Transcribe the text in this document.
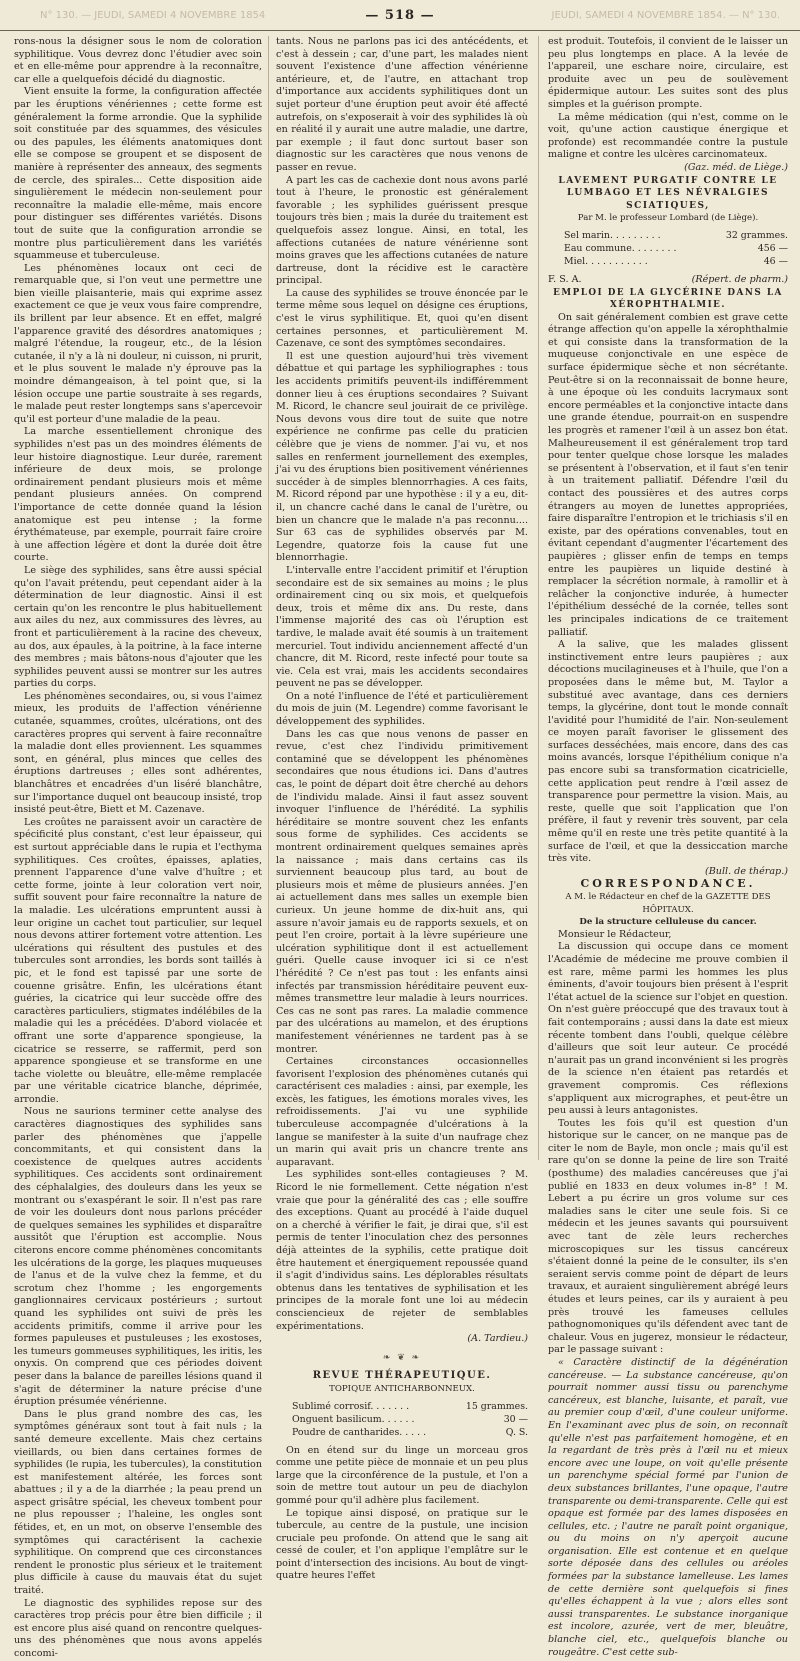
N° 130. — JEUDI, SAMEDI 4 NOVEMBRE 1854	— 518 —	JEUDI, SAMEDI 4 NOVEMBRE 1854. — N° 130.

rons-nous la désigner sous le nom de coloration syphilitique. Vous devrez donc l'étudier avec soin et en elle-même pour apprendre à la reconnaître, car elle a quelquefois décidé du diagnostic.

Vient ensuite la forme, la configuration affectée par les éruptions vénériennes ; cette forme est généralement la forme arrondie. Que la syphilide soit constituée par des squammes, des vésicules ou des papules, les éléments anatomiques dont elle se compose se groupent et se disposent de manière à représenter des anneaux, des segments de cercle, des spirales... Cette disposition aide singulièrement le médecin non-seulement pour reconnaître la maladie elle-même, mais encore pour distinguer ses différentes variétés. Disons tout de suite que la configuration arrondie se montre plus particulièrement dans les variétés squammeuse et tuberculeuse.

Les phénomènes locaux ont ceci de remarquable que, si l'on veut une permettre une bien vieille plaisanterie, mais qui exprime assez exactement ce que je veux vous faire comprendre, ils brillent par leur absence. Et en effet, malgré l'apparence gravité des désordres anatomiques ; malgré l'étendue, la rougeur, etc., de la lésion cutanée, il n'y a là ni douleur, ni cuisson, ni prurit, et le plus souvent le malade n'y éprouve pas la moindre démangeaison, à tel point que, si la lésion occupe une partie soustraite à ses regards, le malade peut rester longtemps sans s'apercevoir qu'il est porteur d'une maladie de la peau.

La marche essentiellement chronique des syphilides n'est pas un des moindres éléments de leur histoire diagnostique. Leur durée, rarement inférieure de deux mois, se prolonge ordinairement pendant plusieurs mois et même pendant plusieurs années. On comprend l'importance de cette donnée quand la lésion anatomique est peu intense ; la forme érythémateuse, par exemple, pourrait faire croire à une affection légère et dont la durée doit être courte.

Le siège des syphilides, sans être aussi spécial qu'on l'avait prétendu, peut cependant aider à la détermination de leur diagnostic. Ainsi il est certain qu'on les rencontre le plus habituellement aux ailes du nez, aux commissures des lèvres, au front et particulièrement à la racine des cheveux, au dos, aux épaules, à la poitrine, à la face interne des membres ; mais bâtons-nous d'ajouter que les syphilides peuvent aussi se montrer sur les autres parties du corps.

Les phénomènes secondaires, ou, si vous l'aimez mieux, les produits de l'affection vénérienne cutanée, squammes, croûtes, ulcérations, ont des caractères propres qui servent à faire reconnaître la maladie dont elles proviennent. Les squammes sont, en général, plus minces que celles des éruptions dartreuses ; elles sont adhérentes, blanchâtres et encadrées d'un liséré blanchâtre, sur l'importance duquel ont beaucoup insisté, trop insisté peut-être, Biett et M. Cazenave.

Les croûtes ne paraissent avoir un caractère de spécificité plus constant, c'est leur épaisseur, qui est surtout appréciable dans le rupia et l'ecthyma syphilitiques. Ces croûtes, épaisses, aplaties, prennent l'apparence d'une valve d'huître ; et cette forme, jointe à leur coloration vert noir, suffit souvent pour faire reconnaître la nature de la maladie. Les ulcérations empruntent aussi à leur origine un cachet tout particulier, sur lequel nous devons attirer fortement votre attention. Les ulcérations qui résultent des pustules et des tubercules sont arrondies, les bords sont taillés à pic, et le fond est tapissé par une sorte de couenne grisâtre. Enfin, les ulcérations étant guéries, la cicatrice qui leur succède offre des caractères particuliers, stigmates indélébiles de la maladie qui les a précédées. D'abord violacée et offrant une sorte d'apparence spongieuse, la cicatrice se resserre, se raffermit, perd son apparence spongieuse et se transforme en une tache violette ou bleuâtre, elle-même remplacée par une véritable cicatrice blanche, déprimée, arrondie.

Nous ne saurions terminer cette analyse des caractères diagnostiques des syphilides sans parler des phénomènes que j'appelle concommitants, et qui consistent dans la coexistence de quelques autres accidents syphilitiques. Ces accidents sont ordinairement des céphalalgies, des douleurs dans les yeux se montrant ou s'exaspérant le soir. Il n'est pas rare de voir les douleurs dont nous parlons précéder de quelques semaines les syphilides et disparaître aussitôt que l'éruption est accomplie. Nous citerons encore comme phénomènes concomitants les ulcérations de la gorge, les plaques muqueuses de l'anus et de la vulve chez la femme, et du scrotum chez l'homme ; les engorgements ganglionnaires cervicaux postérieurs ; surtout quand les syphilides ont suivi de près les accidents primitifs, comme il arrive pour les formes papuleuses et pustuleuses ; les exostoses, les tumeurs gommeuses syphilitiques, les iritis, les onyxis. On comprend que ces périodes doivent peser dans la balance de pareilles lésions quand il s'agit de déterminer la nature précise d'une éruption présumée vénérienne.

Dans le plus grand nombre des cas, les symptômes généraux sont tout à fait nuls ; la santé demeure excellente. Mais chez certains vieillards, ou bien dans certaines formes de syphilides (le rupia, les tubercules), la constitution est manifestement altérée, les forces sont abattues ; il y a de la diarrhée ; la peau prend un aspect grisâtre spécial, les cheveux tombent pour ne plus repousser ; l'haleine, les ongles sont fétides, et, en un mot, on observe l'ensemble des symptômes qui caractérisent la cachexie syphilitique. On comprend que ces circonstances rendent le pronostic plus sérieux et le traitement plus difficile à cause du mauvais état du sujet traité.

Le diagnostic des syphilides repose sur des caractères trop précis pour être bien difficile ; il est encore plus aisé quand on rencontre quelques-uns des phénomènes que nous avons appelés concomi-

tants. Nous ne parlons pas ici des antécédents, et c'est à dessein ; car, d'une part, les malades nient souvent l'existence d'une affection vénérienne antérieure, et, de l'autre, en attachant trop d'importance aux accidents syphilitiques dont un sujet porteur d'une éruption peut avoir été affecté autrefois, on s'exposerait à voir des syphilides là où en réalité il y aurait une autre maladie, une dartre, par exemple ; il faut donc surtout baser son diagnostic sur les caractères que nous venons de passer en revue.

A part les cas de cachexie dont nous avons parlé tout à l'heure, le pronostic est généralement favorable ; les syphilides guérissent presque toujours très bien ; mais la durée du traitement est quelquefois assez longue. Ainsi, en total, les affections cutanées de nature vénérienne sont moins graves que les affections cutanées de nature dartreuse, dont la récidive est le caractère principal.

La cause des syphilides se trouve énoncée par le terme même sous lequel on désigne ces éruptions, c'est le virus syphilitique. Et, quoi qu'en disent certaines personnes, et particulièrement M. Cazenave, ce sont des symptômes secondaires.

Il est une question aujourd'hui très vivement débattue et qui partage les syphiliographes : tous les accidents primitifs peuvent-ils indifféremment donner lieu à ces éruptions secondaires ? Suivant M. Ricord, le chancre seul jouirait de ce privilège. Nous devons vous dire tout de suite que notre expérience ne confirme pas celle du praticien célèbre que je viens de nommer. J'ai vu, et nos salles en renferment journellement des exemples, j'ai vu des éruptions bien positivement vénériennes succéder à de simples blennorrhagies. A ces faits, M. Ricord répond par une hypothèse : il y a eu, dit-il, un chancre caché dans le canal de l'urètre, ou bien un chancre que le malade n'a pas reconnu.... Sur 63 cas de syphilides observés par M. Legendre, quatorze fois la cause fut une blennorrhagie.

L'intervalle entre l'accident primitif et l'éruption secondaire est de six semaines au moins ; le plus ordinairement cinq ou six mois, et quelquefois deux, trois et même dix ans. Du reste, dans l'immense majorité des cas où l'éruption est tardive, le malade avait été soumis à un traitement mercuriel. Tout individu anciennement affecté d'un chancre, dit M. Ricord, reste infecté pour toute sa vie. Cela est vrai, mais les accidents secondaires peuvent ne pas se développer.

On a noté l'influence de l'été et particulièrement du mois de juin (M. Legendre) comme favorisant le développement des syphilides.

Dans les cas que nous venons de passer en revue, c'est chez l'individu primitivement contaminé que se développent les phénomènes secondaires que nous étudions ici. Dans d'autres cas, le point de départ doit être cherché au dehors de l'individu malade. Ainsi il faut assez souvent invoquer l'influence de l'hérédité. La syphilis héréditaire se montre souvent chez les enfants sous forme de syphilides. Ces accidents se montrent ordinairement quelques semaines après la naissance ; mais dans certains cas ils surviennent beaucoup plus tard, au bout de plusieurs mois et même de plusieurs années. J'en ai actuellement dans mes salles un exemple bien curieux. Un jeune homme de dix-huit ans, qui assure n'avoir jamais eu de rapports sexuels, et on peut l'en croire, portait à la lèvre supérieure une ulcération syphilitique dont il est actuellement guéri. Quelle cause invoquer ici si ce n'est l'hérédité ? Ce n'est pas tout : les enfants ainsi infectés par transmission héréditaire peuvent eux-mêmes transmettre leur maladie à leurs nourrices. Ces cas ne sont pas rares. La maladie commence par des ulcérations au mamelon, et des éruptions manifestement vénériennes ne tardent pas à se montrer.

Certaines circonstances occasionnelles favorisent l'explosion des phénomènes cutanés qui caractérisent ces maladies : ainsi, par exemple, les excès, les fatigues, les émotions morales vives, les refroidissements. J'ai vu une syphilide tuberculeuse accompagnée d'ulcérations à la langue se manifester à la suite d'un naufrage chez un marin qui avait pris un chancre trente ans auparavant.

Les syphilides sont-elles contagieuses ? M. Ricord le nie formellement. Cette négation n'est vraie que pour la généralité des cas ; elle souffre des exceptions. Quant au procédé à l'aide duquel on a cherché à vérifier le fait, je dirai que, s'il est permis de tenter l'inoculation chez des personnes déjà atteintes de la syphilis, cette pratique doit être hautement et énergiquement repoussée quand il s'agit d'individus sains. Les déplorables résultats obtenus dans les tentatives de syphilisation et les principes de la morale font une loi au médecin consciencieux de rejeter de semblables expérimentations.

(A. Tardieu.)

❧ ❦ ❧

REVUE THÉRAPEUTIQUE.

TOPIQUE ANTICHARBONNEUX.

Sublimé corrosif. . . . . . .	15 grammes.
Onguent basilicum. . . . . .	30 —
Poudre de cantharides. . . . .	Q. S.

On en étend sur du linge un morceau gros comme une petite pièce de monnaie et un peu plus large que la circonférence de la pustule, et l'on a soin de mettre tout autour un peu de diachylon gommé pour qu'il adhère plus facilement.

Le topique ainsi disposé, on pratique sur le tubercule, au centre de la pustule, une incision cruciale peu profonde. On attend que le sang ait cessé de couler, et l'on applique l'emplâtre sur le point d'intersection des incisions. Au bout de vingt-quatre heures l'effet

est produit. Toutefois, il convient de le laisser un peu plus longtemps en place. A la levée de l'appareil, une eschare noire, circulaire, est produite avec un peu de soulèvement épidermique autour. Les suites sont des plus simples et la guérison prompte.

La même médication (qui n'est, comme on le voit, qu'une action caustique énergique et profonde) est recommandée contre la pustule maligne et contre les ulcères carcinomateux.

(Gaz. méd. de Liège.)

LAVEMENT PURGATIF CONTRE LE LUMBAGO ET LES NÉVRALGIES SCIATIQUES,

Par M. le professeur Lombard (de Liège).

Sel marin. . . . . . . . .	32 grammes.
Eau commune. . . . . . . .	456 —
Miel. . . . . . . . . . .	46 —
F. S. A.	(Répert. de pharm.)

EMPLOI DE LA GLYCÉRINE DANS LA XÉROPHTHALMIE.

On sait généralement combien est grave cette étrange affection qu'on appelle la xérophthalmie et qui consiste dans la transformation de la muqueuse conjonctivale en une espèce de surface épidermique sèche et non sécrétante. Peut-être si on la reconnaissait de bonne heure, à une époque où les conduits lacrymaux sont encore perméables et la conjonctive intacte dans une grande étendue, pourrait-on en suspendre les progrès et ramener l'œil à un assez bon état. Malheureusement il est généralement trop tard pour tenter quelque chose lorsque les malades se présentent à l'observation, et il faut s'en tenir à un traitement palliatif. Défendre l'œil du contact des poussières et des autres corps étrangers au moyen de lunettes appropriées, faire disparaître l'entropion et le trichiasis s'il en existe, par des opérations convenables, tout en évitant cependant d'augmenter l'écartement des paupières ; glisser enfin de temps en temps entre les paupières un liquide destiné à remplacer la sécrétion normale, à ramollir et à relâcher la conjonctive indurée, à humecter l'épithélium desséché de la cornée, telles sont les principales indications de ce traitement palliatif.

A la salive, que les malades glissent instinctivement entre leurs paupières ; aux décoctions mucilagineuses et à l'huile, que l'on a proposées dans le même but, M. Taylor a substitué avec avantage, dans ces derniers temps, la glycérine, dont tout le monde connaît l'avidité pour l'humidité de l'air. Non-seulement ce moyen paraît favoriser le glissement des surfaces desséchées, mais encore, dans des cas moins avancés, lorsque l'épithélium conique n'a pas encore subi sa transformation cicatricielle, cette application peut rendre à l'œil assez de transparence pour permettre la vision. Mais, au reste, quelle que soit l'application que l'on préfère, il faut y revenir très souvent, par cela même qu'il en reste une très petite quantité à la surface de l'œil, et que la dessiccation marche très vite.

(Bull. de thérap.)

CORRESPONDANCE.

A M. le Rédacteur en chef de la GAZETTE DES HÔPITAUX.

De la structure celluleuse du cancer.

Monsieur le Rédacteur,

La discussion qui occupe dans ce moment l'Académie de médecine me prouve combien il est rare, même parmi les hommes les plus éminents, d'avoir toujours bien présent à l'esprit l'état actuel de la science sur l'objet en question. On n'est guère préoccupé que des travaux tout à fait contemporains ; aussi dans la date est mieux récente tombent dans l'oubli, quelque célèbre d'ailleurs que soit leur auteur. Ce procédé n'aurait pas un grand inconvénient si les progrès de la science n'en étaient pas retardés et gravement compromis. Ces réflexions s'appliquent aux micrographes, et peut-être un peu aussi à leurs antagonistes.

Toutes les fois qu'il est question d'un historique sur le cancer, on ne manque pas de citer le nom de Bayle, mon oncle ; mais qu'il est rare qu'on se donne la peine de lire son Traité (posthume) des maladies cancéreuses que j'ai publié en 1833 en deux volumes in-8° ! M. Lebert a pu écrire un gros volume sur ces maladies sans le citer une seule fois. Si ce médecin et les jeunes savants qui poursuivent avec tant de zèle leurs recherches microscopiques sur les tissus cancéreux s'étaient donné la peine de le consulter, ils s'en seraient servis comme point de départ de leurs travaux, et auraient singulièrement abrégé leurs études et leurs peines, car ils y auraient à peu près trouvé les fameuses cellules pathognomoniques qu'ils défendent avec tant de chaleur. Vous en jugerez, monsieur le rédacteur, par le passage suivant :

« Caractère distinctif de la dégénération cancéreuse. — La substance cancéreuse, qu'on pourrait nommer aussi tissu ou parenchyme cancéreux, est blanche, luisante, et paraît, vue au premier coup d'œil, d'une couleur uniforme. En l'examinant avec plus de soin, on reconnaît qu'elle n'est pas parfaitement homogène, et en la regardant de très près à l'œil nu et mieux encore avec une loupe, on voit qu'elle présente un parenchyme spécial formé par l'union de deux substances brillantes, l'une opaque, l'autre transparente ou demi-transparente. Celle qui est opaque est formée par des lames disposées en cellules, etc. ; l'autre ne paraît point organique, ou du moins on n'y aperçoit aucune organisation. Elle est contenue et en quelque sorte déposée dans des cellules ou aréoles formées par la substance lamelleuse. Les lames de cette dernière sont quelquefois si fines qu'elles échappent à la vue ; alors elles sont aussi transparentes. Le substance inorganique est incolore, azurée, vert de mer, bleuâtre, blanche ciel, etc., quelquefois blanche ou rougeâtre. C'est cette sub-
